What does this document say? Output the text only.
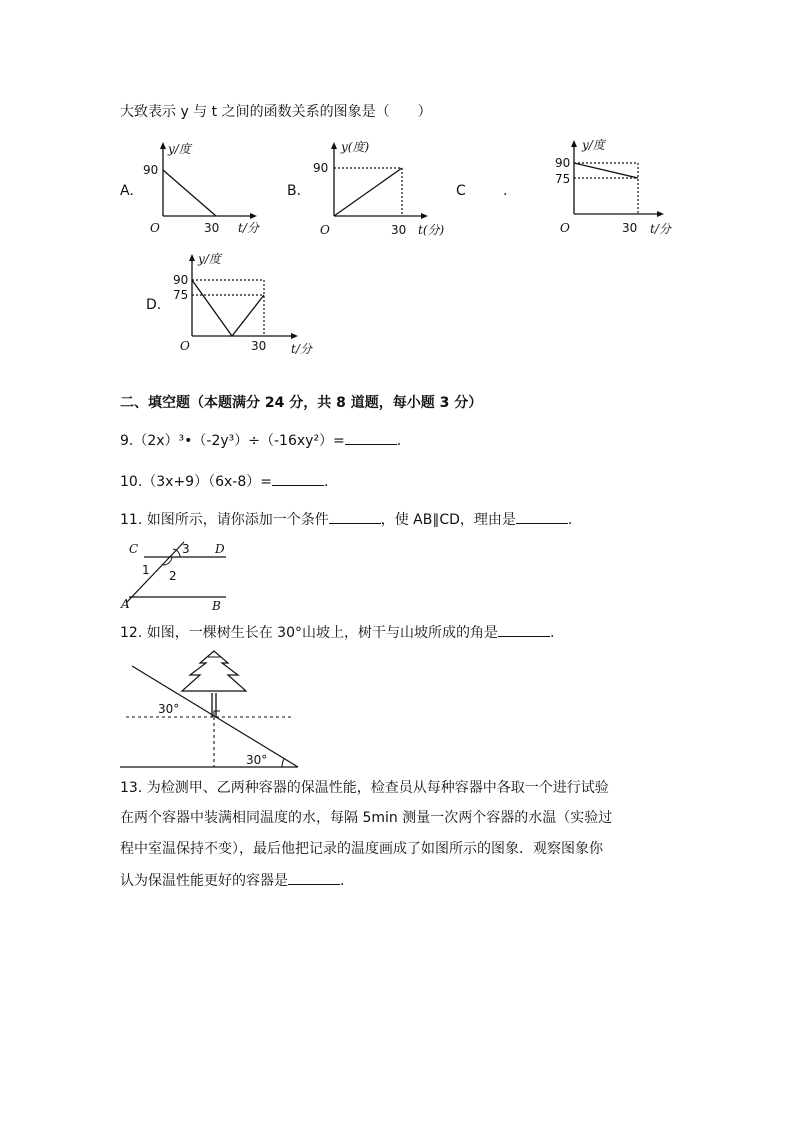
大致表示 y 与 t 之间的函数关系的图象是（　　）
A.
y/度
90
O	30 t/分
B.
y(度)
90
O	30 t(分)
C	.
y/度
90
75
O	30 t/分
D.
y/度
90
75
O	30 t/分
二、填空题（本题满分 24 分，共 8 道题，每小题 3 分）
9.（2x）³•（-2y³）÷（-16xy²）=	.
10.（3x+9）（6x-8）=	.
11. 如图所示，请你添加一个条件	，使 AB∥CD，理由是	.
C	D
A	B
1 2
3
12. 如图，一棵树生长在 30°山坡上，树干与山坡所成的角是	.
30°
30°
13. 为检测甲、乙两种容器的保温性能，检查员从每种容器中各取一个进行试验
在两个容器中装满相同温度的水，每隔 5min 测量一次两个容器的水温（实验过
程中室温保持不变），最后他把记录的温度画成了如图所示的图象．观察图象你
认为保温性能更好的容器是	.
